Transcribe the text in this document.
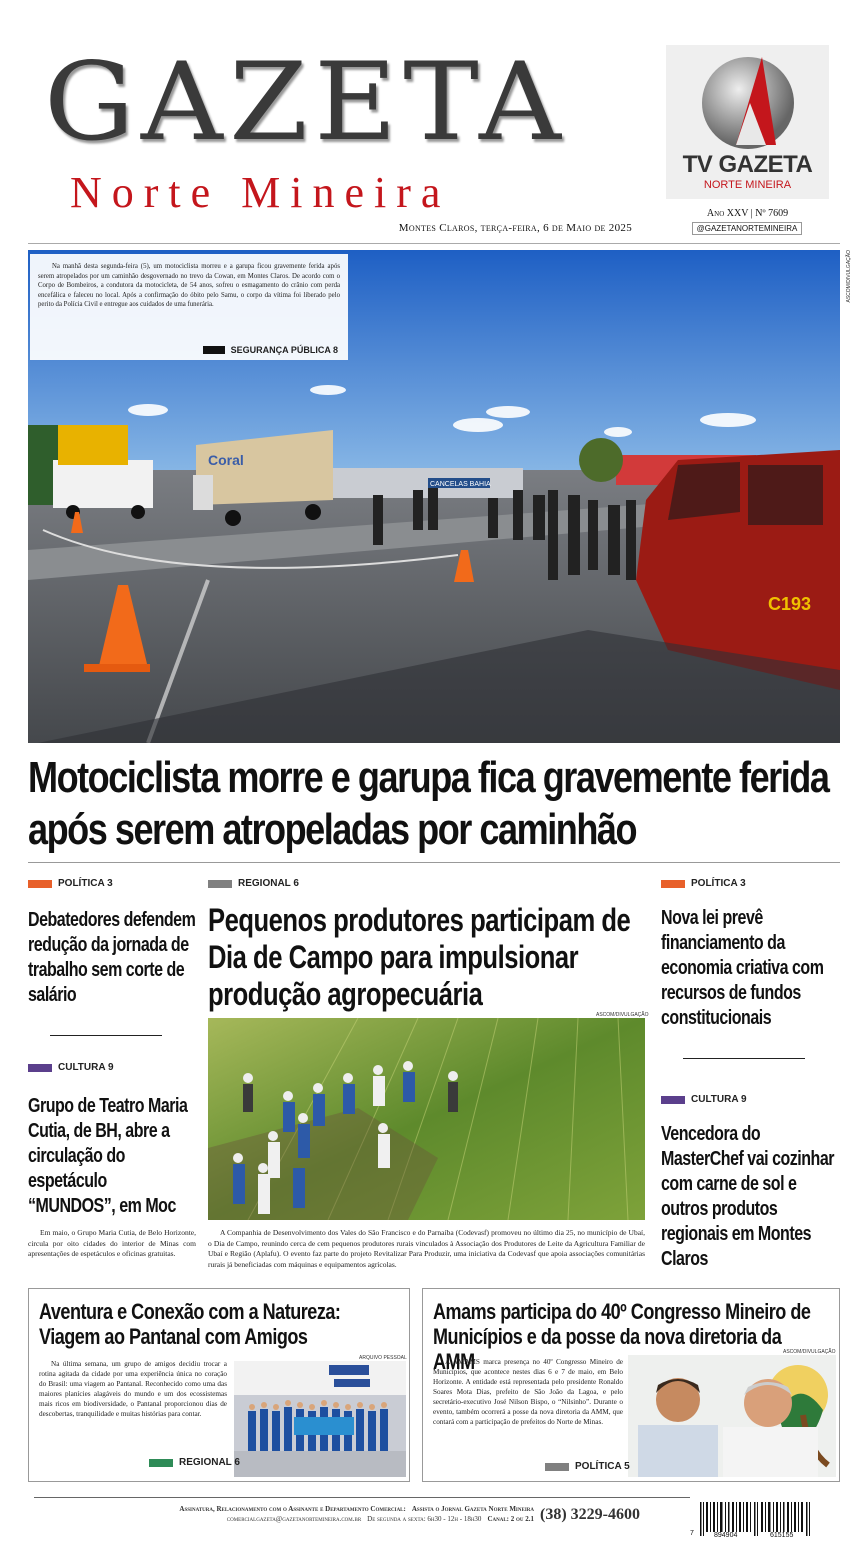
GAZETA
Norte Mineira
Montes Claros, terça-feira, 6 de Maio de 2025
TV GAZETA
NORTE MINEIRA
Ano XXV | Nº 7609
@GAZETANORTEMINEIRA
ASCOM/DIVULGAÇÃO
CANCELAS BAHIA
Coral
C193
Na manhã desta segunda-feira (5), um motociclista morreu e a garupa ficou gravemente ferida após serem atropelados por um caminhão desgovernado no trevo da Cowan, em Montes Claros. De acordo com o Corpo de Bombeiros, a condutora da motocicleta, de 54 anos, sofreu o esmagamento do crânio com perda encefálica e faleceu no local. Após a confirmação do óbito pelo Samu, o corpo da vítima foi liberado pelo perito da Polícia Civil e entregue aos cuidados de uma funerária.
SEGURANÇA PÚBLICA 8
Motociclista morre e garupa fica gravemente ferida após serem atropeladas por caminhão
POLÍTICA 3
Debatedores defendem redução da jornada de trabalho sem corte de salário
CULTURA 9
Grupo de Teatro Maria Cutia, de BH, abre a circulação do espetáculo “MUNDOS”, em Moc
Em maio, o Grupo Maria Cutia, de Belo Horizonte, circula por oito cidades do interior de Minas com apresentações de espetáculos e oficinas gratuitas.
REGIONAL 6
Pequenos produtores participam de Dia de Campo para impulsionar produção agropecuária
ASCOM/DIVULGAÇÃO
A Companhia de Desenvolvimento dos Vales do São Francisco e do Parnaíba (Codevasf) promoveu no último dia 25, no município de Ubaí, o Dia de Campo, reunindo cerca de cem pequenos produtores rurais vinculados à Associação dos Produtores de Leite da Agricultura Familiar de Ubaí e Região (Aplafu). O evento faz parte do projeto Revitalizar Para Produzir, uma iniciativa da Codevasf que apoia associações comunitárias rurais já beneficiadas com máquinas e equipamentos agrícolas.
POLÍTICA 3
Nova lei prevê financiamento da economia criativa com recursos de fundos constitucionais
CULTURA 9
Vencedora do MasterChef vai cozinhar com carne de sol e outros produtos regionais em Montes Claros
Aventura e Conexão com a Natureza: Viagem ao Pantanal com Amigos
Na última semana, um grupo de amigos decidiu trocar a rotina agitada da cidade por uma experiência única no coração do Brasil: uma viagem ao Pantanal. Reconhecido como uma das maiores planícies alagáveis do mundo e um dos ecossistemas mais ricos em biodiversidade, o Pantanal proporcionou dias de descobertas, tranquilidade e muitas histórias para contar.
ARQUIVO PESSOAL
REGIONAL 6
Amams participa do 40º Congresso Mineiro de Municípios e da posse da nova diretoria da AMM
A AMAMS marca presença no 40º Congresso Mineiro de Municípios, que acontece nestes dias 6 e 7 de maio, em Belo Horizonte. A entidade está representada pelo presidente Ronaldo Soares Mota Dias, prefeito de São João da Lagoa, e pelo secretário-executivo José Nilson Bispo, o “Nilsinho”. Durante o evento, também ocorrerá a posse da nova diretoria da AMM, que contará com a participação de prefeitos do Norte de Minas.
ASCOM/DIVULGAÇÃO
POLÍTICA 5
Assinatura, Relacionamento com o Assinante e Departamento Comercial: Assista o Jornal Gazeta Norte Mineira
comercialgazeta@gazetanortemineira.com.br De segunda a sexta: 6h30 - 12h - 18h30 Canal: 2 ou 2.1 (38) 3229-4600
7	894904	615155
